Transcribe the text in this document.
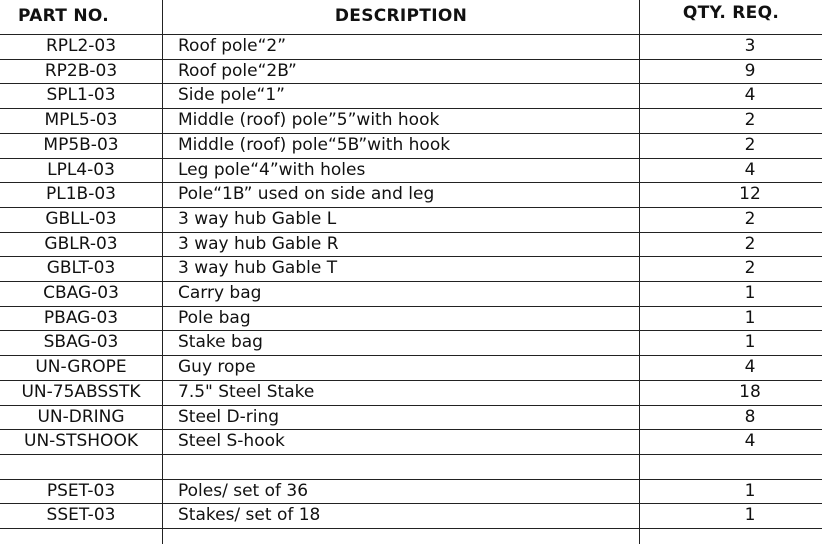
PART NO.	DESCRIPTION	QTY. REQ.
RPL2-03	Roof pole“2”	3
RP2B-03	Roof pole“2B”	9
SPL1-03	Side pole“1”	4
MPL5-03	Middle (roof) pole”5”with hook	2
MP5B-03	Middle (roof) pole“5B”with hook	2
LPL4-03	Leg pole“4”with holes	4
PL1B-03	Pole“1B” used on side and leg	12
GBLL-03	3 way hub Gable L	2
GBLR-03	3 way hub Gable R	2
GBLT-03	3 way hub Gable T	2
CBAG-03	Carry bag	1
PBAG-03	Pole bag	1
SBAG-03	Stake bag	1
UN-GROPE	Guy rope	4
UN-75ABSSTK	7.5" Steel Stake	18
UN-DRING	Steel D-ring	8
UN-STSHOOK	Steel S-hook	4
PSET-03	Poles/ set of 36	1
SSET-03	Stakes/ set of 18	1
